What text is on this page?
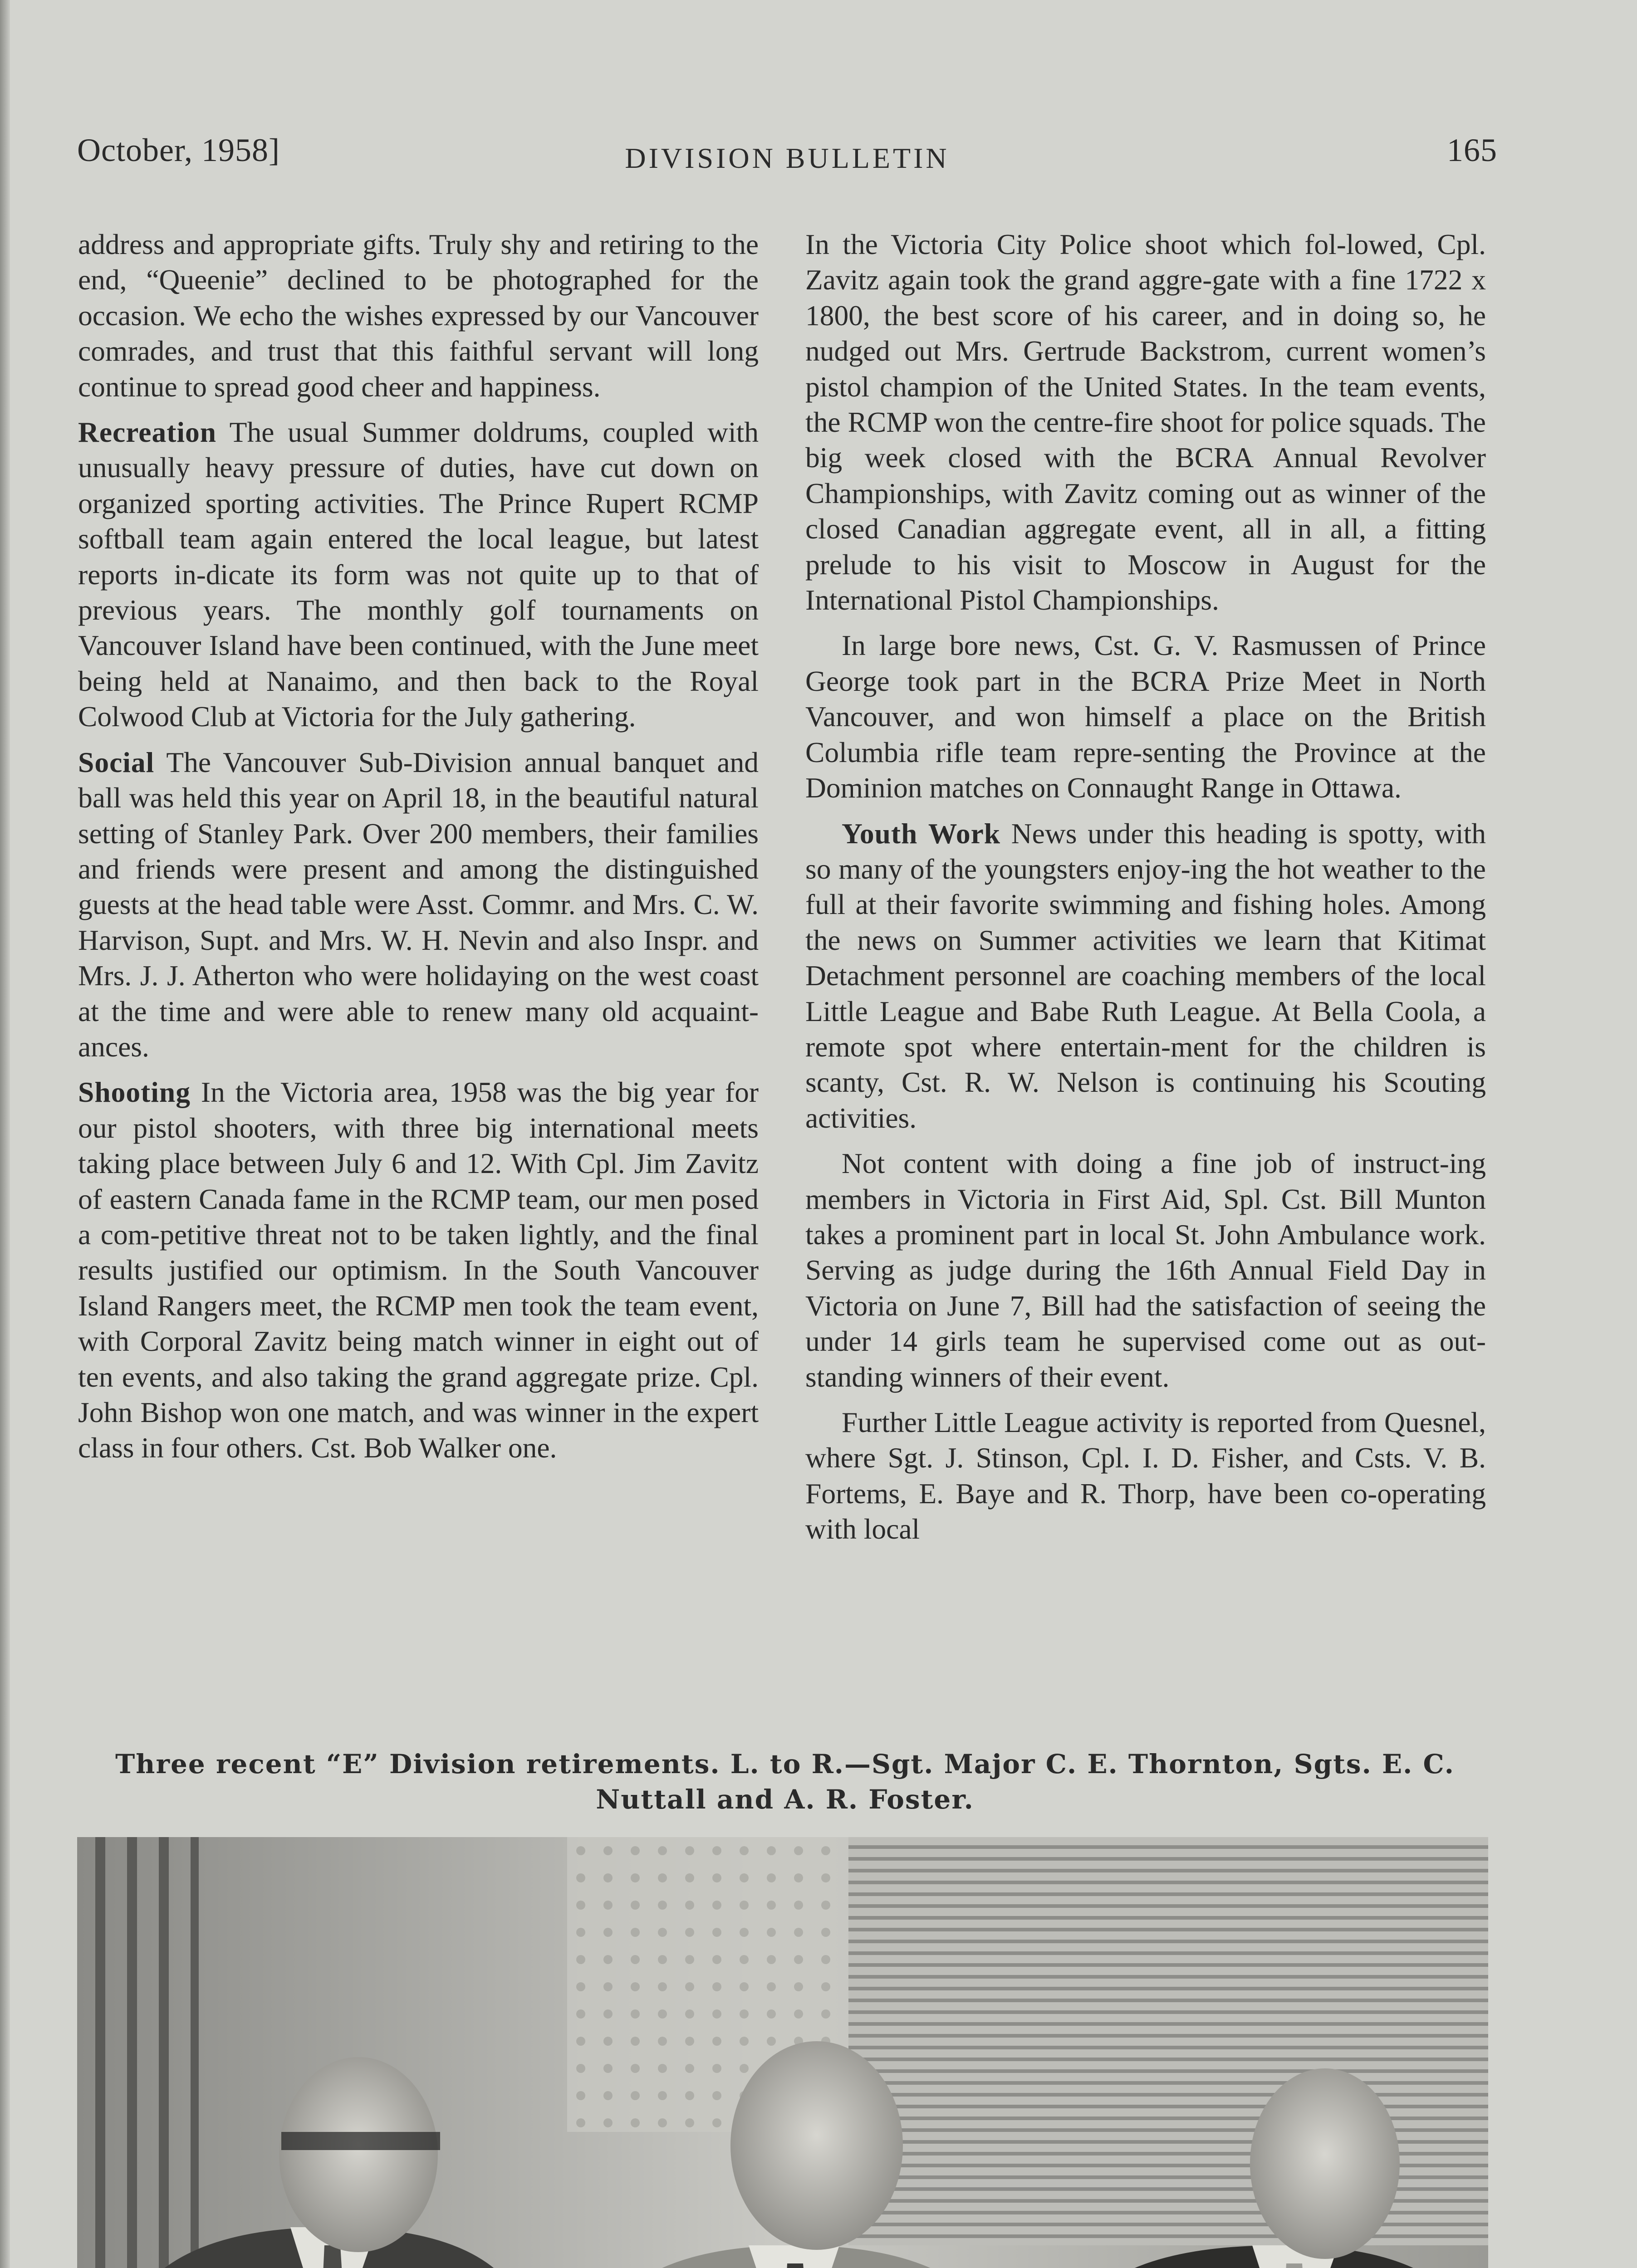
October, 1958]	DIVISION BULLETIN	165

address and appropriate gifts. Truly shy and retiring to the end, “Queenie” declined to be photographed for the occasion. We echo the wishes expressed by our Vancouver comrades, and trust that this faithful servant will long continue to spread good cheer and happiness.

Recreation The usual Summer doldrums, coupled with unusually heavy pressure of duties, have cut down on organized sporting activities. The Prince Rupert RCMP softball team again entered the local league, but latest reports in-dicate its form was not quite up to that of previous years. The monthly golf tournaments on Vancouver Island have been continued, with the June meet being held at Nanaimo, and then back to the Royal Colwood Club at Victoria for the July gathering.

Social The Vancouver Sub-Division annual banquet and ball was held this year on April 18, in the beautiful natural setting of Stanley Park. Over 200 members, their families and friends were present and among the distinguished guests at the head table were Asst. Commr. and Mrs. C. W. Harvison, Supt. and Mrs. W. H. Nevin and also Inspr. and Mrs. J. J. Atherton who were holidaying on the west coast at the time and were able to renew many old acquaint-ances.

Shooting In the Victoria area, 1958 was the big year for our pistol shooters, with three big international meets taking place between July 6 and 12. With Cpl. Jim Zavitz of eastern Canada fame in the RCMP team, our men posed a com-petitive threat not to be taken lightly, and the final results justified our optimism. In the South Vancouver Island Rangers meet, the RCMP men took the team event, with Corporal Zavitz being match winner in eight out of ten events, and also taking the grand aggregate prize. Cpl. John Bishop won one match, and was winner in the expert class in four others. Cst. Bob Walker one.

In the Victoria City Police shoot which fol-lowed, Cpl. Zavitz again took the grand aggre-gate with a fine 1722 x 1800, the best score of his career, and in doing so, he nudged out Mrs. Gertrude Backstrom, current women’s pistol champion of the United States. In the team events, the RCMP won the centre-fire shoot for police squads. The big week closed with the BCRA Annual Revolver Championships, with Zavitz coming out as winner of the closed Canadian aggregate event, all in all, a fitting prelude to his visit to Moscow in August for the International Pistol Championships.

In large bore news, Cst. G. V. Rasmussen of Prince George took part in the BCRA Prize Meet in North Vancouver, and won himself a place on the British Columbia rifle team repre-senting the Province at the Dominion matches on Connaught Range in Ottawa.

Youth Work News under this heading is spotty, with so many of the youngsters enjoy-ing the hot weather to the full at their favorite swimming and fishing holes. Among the news on Summer activities we learn that Kitimat Detachment personnel are coaching members of the local Little League and Babe Ruth League. At Bella Coola, a remote spot where entertain-ment for the children is scanty, Cst. R. W. Nelson is continuing his Scouting activities.

Not content with doing a fine job of instruct-ing members in Victoria in First Aid, Spl. Cst. Bill Munton takes a prominent part in local St. John Ambulance work. Serving as judge during the 16th Annual Field Day in Victoria on June 7, Bill had the satisfaction of seeing the under 14 girls team he supervised come out as out-standing winners of their event.

Further Little League activity is reported from Quesnel, where Sgt. J. Stinson, Cpl. I. D. Fisher, and Csts. V. B. Fortems, E. Baye and R. Thorp, have been co-operating with local

Three recent “E” Division retirements. L. to R.—Sgt. Major C. E. Thornton, Sgts. E. C.
Nuttall and A. R. Foster.
